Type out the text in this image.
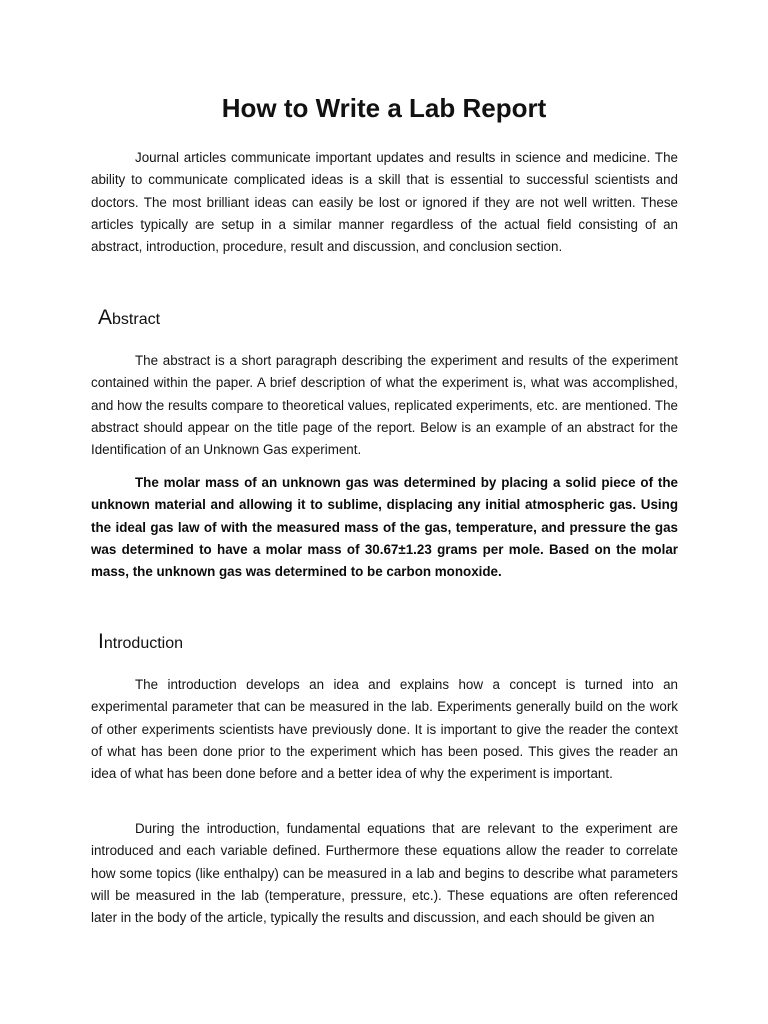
How to Write a Lab Report

Journal articles communicate important updates and results in science and medicine. The ability to communicate complicated ideas is a skill that is essential to successful scientists and doctors. The most brilliant ideas can easily be lost or ignored if they are not well written. These articles typically are setup in a similar manner regardless of the actual field consisting of an abstract, introduction, procedure, result and discussion, and conclusion section.

Abstract

The abstract is a short paragraph describing the experiment and results of the experiment contained within the paper. A brief description of what the experiment is, what was accomplished, and how the results compare to theoretical values, replicated experiments, etc. are mentioned. The abstract should appear on the title page of the report. Below is an example of an abstract for the Identification of an Unknown Gas experiment.

The molar mass of an unknown gas was determined by placing a solid piece of the unknown material and allowing it to sublime, displacing any initial atmospheric gas. Using the ideal gas law of with the measured mass of the gas, temperature, and pressure the gas was determined to have a molar mass of 30.67±1.23 grams per mole. Based on the molar mass, the unknown gas was determined to be carbon monoxide.

Introduction

The introduction develops an idea and explains how a concept is turned into an experimental parameter that can be measured in the lab. Experiments generally build on the work of other experiments scientists have previously done. It is important to give the reader the context of what has been done prior to the experiment which has been posed. This gives the reader an idea of what has been done before and a better idea of why the experiment is important.

During the introduction, fundamental equations that are relevant to the experiment are introduced and each variable defined. Furthermore these equations allow the reader to correlate how some topics (like enthalpy) can be measured in a lab and begins to describe what parameters will be measured in the lab (temperature, pressure, etc.). These equations are often referenced later in the body of the article, typically the results and discussion, and each should be given an
